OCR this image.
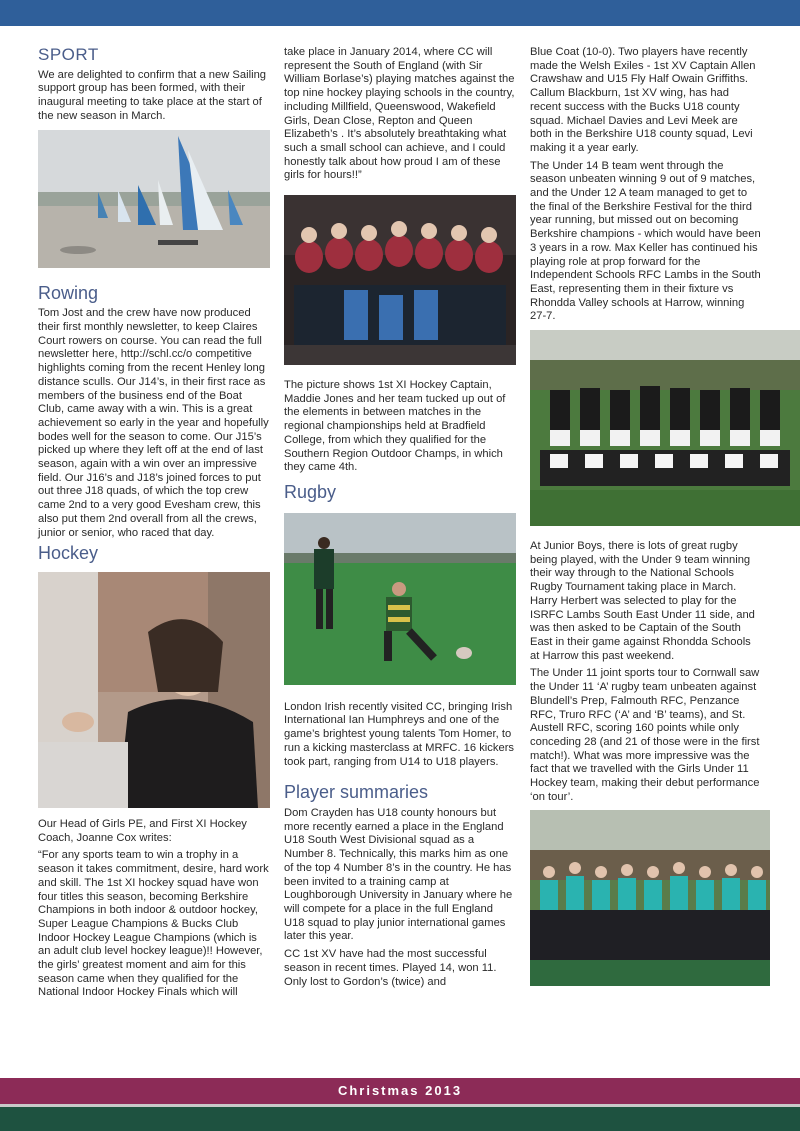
SPORT

We are delighted to confirm that a new Sailing support group has been formed, with their inaugural meeting to take place at the start of the new season in March.

Rowing

Tom Jost and the crew have now produced their first monthly newsletter, to keep Claires Court rowers on course. You can read the full newsletter here, http://schl.cc/o competitive highlights coming from the recent Henley long distance sculls. Our J14’s, in their first race as members of the business end of the Boat Club, came away with a win. This is a great achievement so early in the year and hopefully bodes well for the season to come. Our J15’s picked up where they left off at the end of last season, again with a win over an impressive field. Our J16’s and J18’s joined forces to put out three J18 quads, of which the top crew came 2nd to a very good Evesham crew, this also put them 2nd overall from all the crews, junior or senior, who raced that day.

Hockey

Our Head of Girls PE, and First XI Hockey Coach, Joanne Cox writes:

“For any sports team to win a trophy in a season it takes commitment, desire, hard work and skill. The 1st XI hockey squad have won four titles this season, becoming Berkshire Champions in both indoor & outdoor hockey, Super League Champions & Bucks Club Indoor Hockey League Champions (which is an adult club level hockey league)!! However, the girls’ greatest moment and aim for this season came when they qualified for the National Indoor Hockey Finals which will

take place in January 2014, where CC will represent the South of England (with Sir William Borlase’s) playing matches against the top nine hockey playing schools in the country, including Millfield, Queenswood, Wakefield Girls, Dean Close, Repton and Queen Elizabeth’s . It’s absolutely breathtaking what such a small school can achieve, and I could honestly talk about how proud I am of these girls for hours!!”

The picture shows 1st XI Hockey Captain, Maddie Jones and her team tucked up out of the elements in between matches in the regional championships held at Bradfield College, from which they qualified for the Southern Region Outdoor Champs, in which they came 4th.

Rugby

London Irish recently visited CC, bringing Irish International Ian Humphreys and one of the game’s brightest young talents Tom Homer, to run a kicking masterclass at MRFC. 16 kickers took part, ranging from U14 to U18 players.

Player summaries

Dom Crayden has U18 county honours but more recently earned a place in the England U18 South West Divisional squad as a Number 8. Technically, this marks him as one of the top 4 Number 8’s in the country. He has been invited to a training camp at Loughborough University in January where he will compete for a place in the full England U18 squad to play junior international games later this year.

CC 1st XV have had the most successful season in recent times. Played 14, won 11. Only lost to Gordon’s (twice) and

Blue Coat (10-0). Two players have recently made the Welsh Exiles - 1st XV Captain Allen Crawshaw and U15 Fly Half Owain Griffiths. Callum Blackburn, 1st XV wing, has had recent success with the Bucks U18 county squad. Michael Davies and Levi Meek are both in the Berkshire U18 county squad, Levi making it a year early.

The Under 14 B team went through the season unbeaten winning 9 out of 9 matches, and the Under 12 A team managed to get to the final of the Berkshire Festival for the third year running, but missed out on becoming Berkshire champions - which would have been 3 years in a row. Max Keller has continued his playing role at prop forward for the Independent Schools RFC Lambs in the South East, representing them in their fixture vs Rhondda Valley schools at Harrow, winning 27-7.

At Junior Boys, there is lots of great rugby being played, with the Under 9 team winning their way through to the National Schools Rugby Tournament taking place in March. Harry Herbert was selected to play for the ISRFC Lambs South East Under 11 side, and was then asked to be Captain of the South East in their game against Rhondda Schools at Harrow this past weekend.

The Under 11 joint sports tour to Cornwall saw the Under 11 ‘A’ rugby team unbeaten against Blundell’s Prep, Falmouth RFC, Penzance RFC, Truro RFC (‘A’ and ‘B’ teams), and St. Austell RFC, scoring 160 points while only conceding 28 (and 21 of those were in the first match!). What was more impressive was the fact that we travelled with the Girls Under 11 Hockey team, making their debut performance ‘on tour’.

Christmas 2013
